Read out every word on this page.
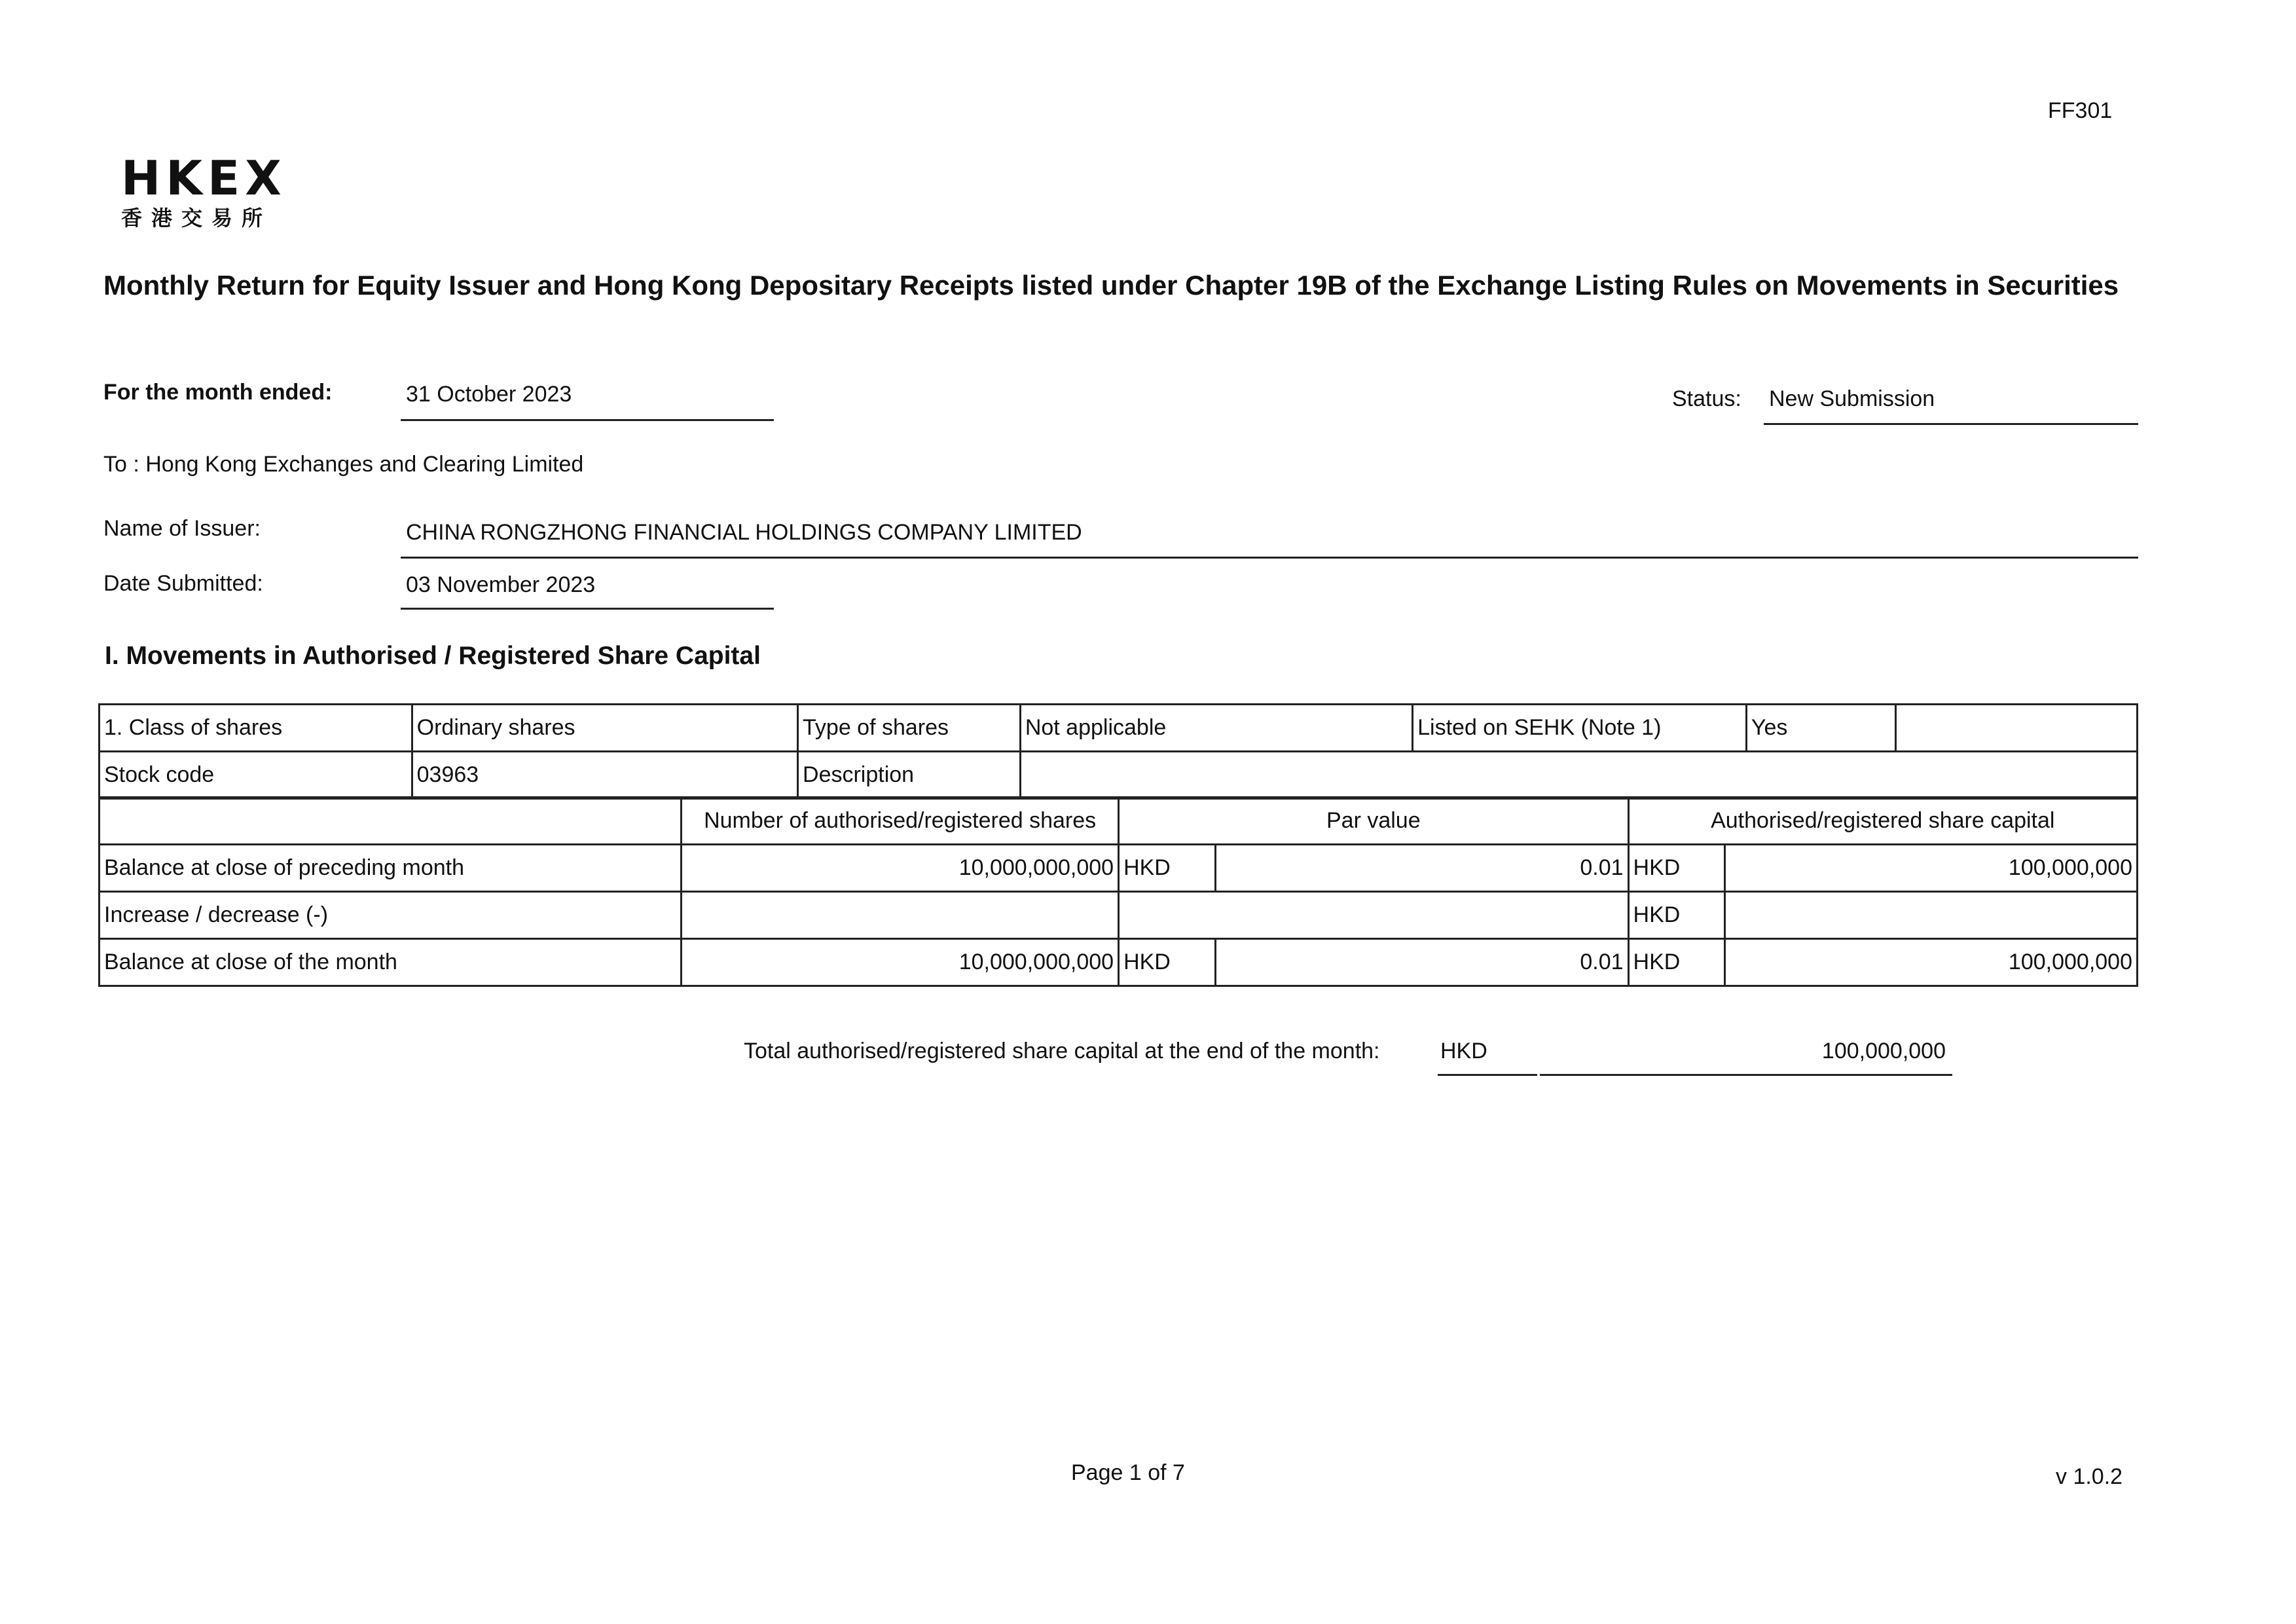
FF301
HKEX
香港交易所
Monthly Return for Equity Issuer and Hong Kong Depositary Receipts listed under Chapter 19B of the Exchange Listing Rules on Movements in Securities
For the month ended:	31 October 2023	Status: New Submission
To : Hong Kong Exchanges and Clearing Limited
Name of Issuer:	CHINA RONGZHONG FINANCIAL HOLDINGS COMPANY LIMITED
Date Submitted:	03 November 2023
I. Movements in Authorised / Registered Share Capital
1. Class of shares	Ordinary shares	Type of shares	Not applicable	Listed on SEHK (Note 1)	Yes	
Stock code	03963	Description				
	Number of authorised/registered shares	Par value		Authorised/registered share capital	
Balance at close of preceding month	10,000,000,000	HKD	0.01	HKD	100,000,000
Increase / decrease (-)				HKD	
Balance at close of the month	10,000,000,000	HKD	0.01	HKD	100,000,000
Total authorised/registered share capital at the end of the month:	HKD	100,000,000
Page 1 of 7	v 1.0.2
